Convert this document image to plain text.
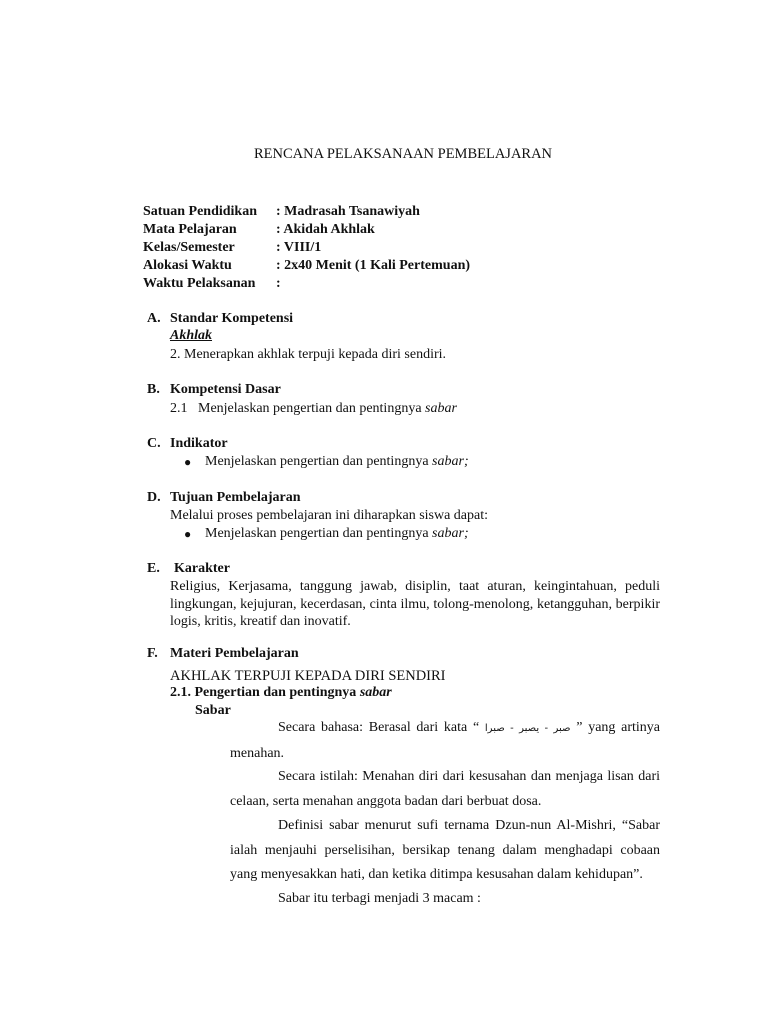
RENCANA PELAKSANAAN PEMBELAJARAN
Satuan Pendidikan : Madrasah Tsanawiyah
Mata Pelajaran	: Akidah Akhlak
Kelas/Semester	: VIII/1
Alokasi Waktu	: 2x40 Menit (1 Kali Pertemuan)
Waktu Pelaksanan :
A. Standar Kompetensi
Akhlak
2. Menerapkan akhlak terpuji kepada diri sendiri.
B. Kompetensi Dasar
2.1   Menjelaskan pengertian dan pentingnya sabar
C. Indikator
● Menjelaskan pengertian dan pentingnya sabar;
D. Tujuan Pembelajaran
Melalui proses pembelajaran ini diharapkan siswa dapat:
● Menjelaskan pengertian dan pentingnya sabar;
E. Karakter
Religius, Kerjasama, tanggung jawab, disiplin, taat aturan, keingintahuan, peduli lingkungan, kejujuran, kecerdasan, cinta ilmu, tolong-menolong, ketangguhan, berpikir logis, kritis, kreatif dan inovatif.
F. Materi Pembelajaran
AKHLAK TERPUJI KEPADA DIRI SENDIRI
2.1. Pengertian dan pentingnya sabar
Sabar
Secara bahasa: Berasal dari kata “ صبر - يصبر - صبرا ” yang artinya menahan.
Secara istilah: Menahan diri dari kesusahan dan menjaga lisan dari celaan, serta menahan anggota badan dari berbuat dosa.
Definisi sabar menurut sufi ternama Dzun-nun Al-Mishri, “Sabar ialah menjauhi perselisihan, bersikap tenang dalam menghadapi cobaan yang menyesakkan hati, dan ketika ditimpa kesusahan dalam kehidupan”.
Sabar itu terbagi menjadi 3 macam :
